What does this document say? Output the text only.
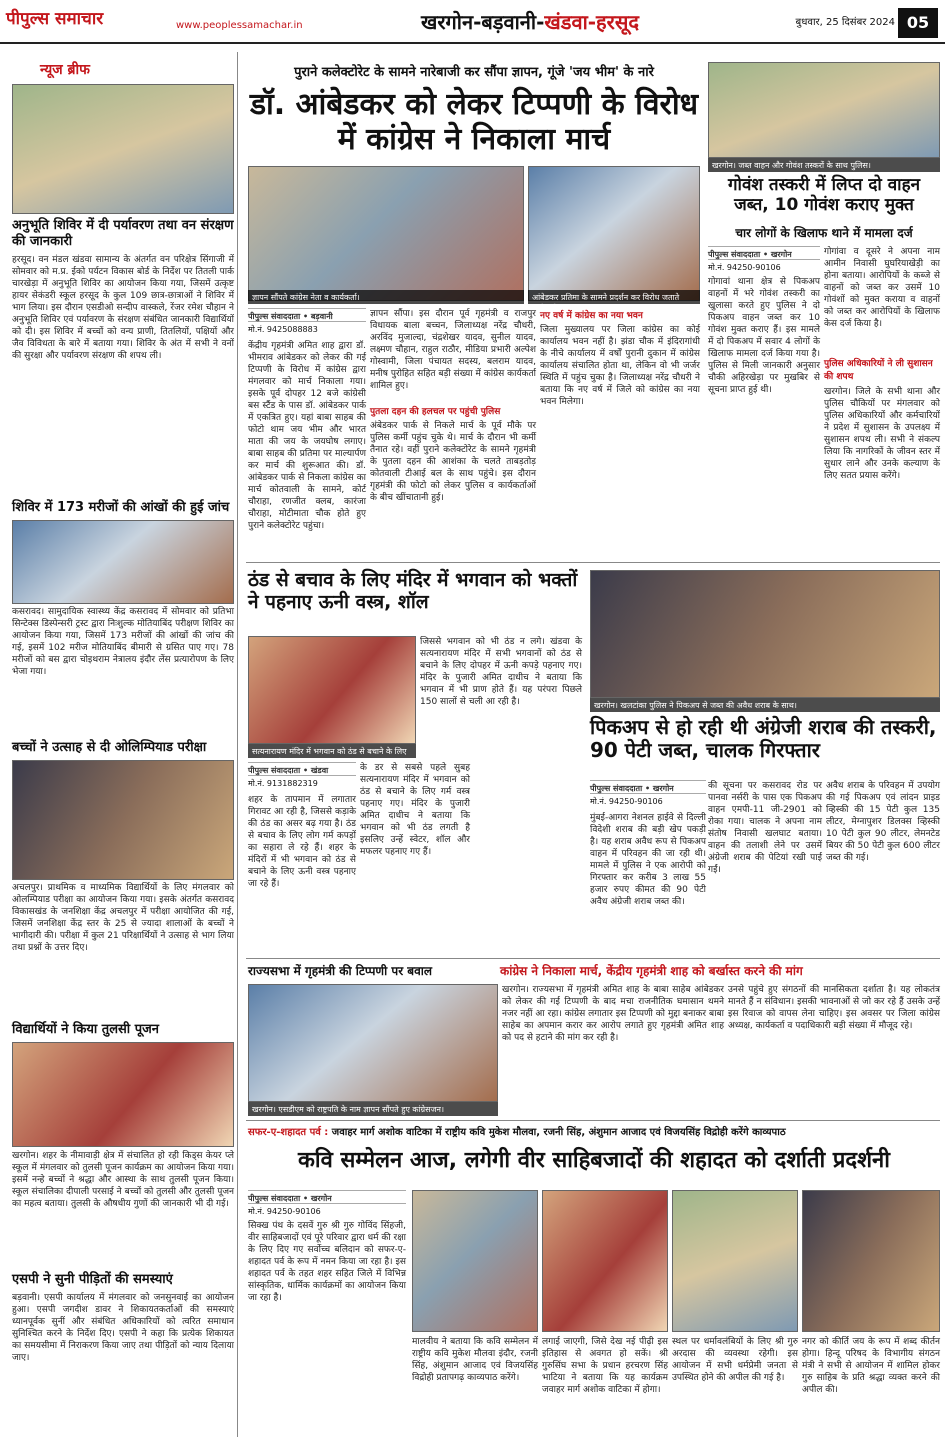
पीपुल्स समाचार	www.peoplessamachar.in	खरगोन-बड़वानी-खंडवा-हरसूद	बुधवार, 25 दिसंबर 2024 05
न्यूज ब्रीफ
अनुभूति शिविर में दी पर्यावरण तथा वन संरक्षण की जानकारी
हरसूद। वन मंडल खंडवा सामान्य के अंतर्गत वन परिक्षेत्र सिंगाजी में सोमवार को म.प्र. ईको पर्यटन विकास बोर्ड के निर्देश पर तितली पार्क चारखेड़ा में अनुभूति शिविर का आयोजन किया गया, जिसमें उत्कृष्ट हायर सेकंडरी स्कूल हरसूद के कुल 109 छात्र-छात्राओं ने शिविर में भाग लिया। इस दौरान एसडीओ सन्दीप वास्कले, रेंजर रमेश चौहान ने अनुभूति शिविर एवं पर्यावरण के संरक्षण संबंधित जानकारी विद्यार्थियों को दी। इस शिविर में बच्चों को वन्य प्राणी, तितलियों, पक्षियों और जैव विविधता के बारे में बताया गया। शिविर के अंत में सभी ने वनों की सुरक्षा और पर्यावरण संरक्षण की शपथ ली।
शिविर में 173 मरीजों की आंखों की हुई जांच
कसरावद। सामुदायिक स्वास्थ्य केंद्र कसरावद में सोमवार को प्रतिभा सिन्टेक्स डिस्पेन्सरी ट्रस्ट द्वारा निःशुल्क मोतियाबिंद परीक्षण शिविर का आयोजन किया गया, जिसमें 173 मरीजों की आंखों की जांच की गई, इसमें 102 मरीज मोतियाबिंद बीमारी से ग्रसित पाए गए। 78 मरीजों को बस द्वारा चोइथराम नेत्रालय इंदौर लेंस प्रत्यारोपण के लिए भेजा गया।
बच्चों ने उत्साह से दी ओलिम्पियाड परीक्षा
अचलपुर। प्राथमिक व माध्यमिक विद्यार्थियों के लिए मंगलवार को ओलम्पियाड परीक्षा का आयोजन किया गया। इसके अंतर्गत कसरावद विकासखंड के जनशिक्षा केंद्र अचलपुर में परीक्षा आयोजित की गई, जिसमें जनशिक्षा केंद्र स्तर के 25 से ज्यादा शालाओं के बच्चों ने भागीदारी की। परीक्षा में कुल 21 परिक्षार्थियों ने उत्साह से भाग लिया तथा प्रश्नों के उत्तर दिए।
विद्यार्थियों ने किया तुलसी पूजन
खरगोन। शहर के नीमावाड़ी क्षेत्र में संचालित हो रही किड्स केयर प्ले स्कूल में मंगलवार को तुलसी पूजन कार्यक्रम का आयोजन किया गया। इसमें नन्हे बच्चों ने श्रद्धा और आस्था के साथ तुलसी पूजन किया। स्कूल संचालिका दीपाली परसाई ने बच्चों को तुलसी और तुलसी पूजन का महत्व बताया। तुलसी के औषधीय गुणों की जानकारी भी दी गई।
एसपी ने सुनी पीड़ितों की समस्याएं
बड़वानी। एसपी कार्यालय में मंगलवार को जनसुनवाई का आयोजन हुआ। एसपी जगदीश डावर ने शिकायतकर्ताओं की समस्याएं ध्यानपूर्वक सुनीं और संबंधित अधिकारियों को त्वरित समाधान सुनिश्चित करने के निर्देश दिए। एसपी ने कहा कि प्रत्येक शिकायत का समयसीमा में निराकरण किया जाए तथा पीड़ितों को न्याय दिलाया जाए।
पुराने कलेक्टोरेट के सामने नारेबाजी कर सौंपा ज्ञापन, गूंजे 'जय भीम' के नारे
डॉ. आंबेडकर को लेकर टिप्पणी के विरोध में कांग्रेस ने निकाला मार्च
ज्ञापन सौंपते कांग्रेस नेता व कार्यकर्ता।	आंबेडकर प्रतिमा के सामने प्रदर्शन कर विरोध जताते कांग्रेस नेता।
पीपुल्स संवाददाता • बड़वानी
मो.नं. 9425088883
केंद्रीय गृहमंत्री अमित शाह द्वारा डॉ. भीमराव आंबेडकर को लेकर की गई टिप्पणी के विरोध में कांग्रेस द्वारा मंगलवार को मार्च निकाला गया। इसके पूर्व दोपहर 12 बजे कांग्रेसी बस स्टैंड के पास डॉ. आंबेडकर पार्क में एकत्रित हुए। यहां बाबा साहब की फोटो थाम जय भीम और भारत माता की जय के जयघोष लगाए। बाबा साहब की प्रतिमा पर माल्यार्पण कर मार्च की शुरूआत की। डॉ. आंबेडकर पार्क से निकला कांग्रेस का मार्च कोतवाली के सामने, कोर्ट चौराहा, रणजीत क्लब, कारंजा चौराहा, मोटीमाता चौक होते हुए पुराने कलेक्टोरेट पहुंचा।
ज्ञापन सौंपा। इस दौरान पूर्व गृहमंत्री व राजपुर विधायक बाला बच्चन, जिलाध्यक्ष नरेंद्र चौधरी, अरविंद मुजाल्दा, चंद्रशेखर यादव, सुनील यादव, लक्ष्मण चौहान, राहुल राठौर, मीडिया प्रभारी अल्पेश गोस्वामी, जिला पंचायत सदस्य, बलराम यादव, मनीष पुरोहित सहित बड़ी संख्या में कांग्रेस कार्यकर्ता शामिल हुए।
पुतला दहन की हलचल पर पहुंची पुलिस
अंबेडकर पार्क से निकले मार्च के पूर्व मौके पर पुलिस कर्मी पहुंच चुके थे। मार्च के दौरान भी कर्मी तैनात रहे। वहीं पुराने कलेक्टोरेट के सामने गृहमंत्री के पुतला दहन की आशंका के चलते ताबड़तोड़ कोतवाली टीआई बल के साथ पहुंचे। इस दौरान गृहमंत्री की फोटो को लेकर पुलिस व कार्यकर्ताओं के बीच खींचातानी हुई।
नए वर्ष में कांग्रेस का नया भवन
जिला मुख्यालय पर जिला कांग्रेस का कोई कार्यालय भवन नहीं है। झंडा चौक में इंदिरागांधी के नीचे कार्यालय में वर्षों पुरानी दुकान में कांग्रेस कार्यालय संचालित होता था, लेकिन वो भी जर्जर स्थिति में पहुंच चुका है। जिलाध्यक्ष नरेंद्र चौधरी ने बताया कि नए वर्ष में जिले को कांग्रेस का नया भवन मिलेगा।
खरगोन। जब्त वाहन और गोवंश तस्करों के साथ पुलिस।
गोवंश तस्करी में लिप्त दो वाहन जब्त, 10 गोवंश कराए मुक्त
चार लोगों के खिलाफ थाने में मामला दर्ज
पीपुल्स संवाददाता • खरगोन
मो.नं. 94250-90106
गोगावां थाना क्षेत्र से पिकअप वाहनों में भरे गोवंश तस्करी का खुलासा करते हुए पुलिस ने दो पिकअप वाहन जब्त कर 10 गोवंश मुक्त कराए हैं। इस मामले में दो पिकअप में सवार 4 लोगों के खिलाफ मामला दर्ज किया गया है। पुलिस से मिली जानकारी अनुसार चौकी अहिरखेड़ा पर मुखबिर से सूचना प्राप्त हुई थी।
गोगांवा व दूसरे ने अपना नाम आमीन निवासी घुघरियाखेड़ी का होना बताया। आरोपियों के कब्जे से वाहनों को जब्त कर उसमें 10 गोवंशों को मुक्त कराया व वाहनों को जब्त कर आरोपियों के खिलाफ केस दर्ज किया है।
पुलिस अधिकारियों ने ली सुशासन की शपथ
खरगोन। जिले के सभी थाना और पुलिस चौकियों पर मंगलवार को पुलिस अधिकारियों और कर्मचारियों ने प्रदेश में सुशासन के उपलक्ष्य में सुशासन शपथ ली। सभी ने संकल्प लिया कि नागरिकों के जीवन स्तर में सुधार लाने और उनके कल्याण के लिए सतत प्रयास करेंगे।
ठंड से बचाव के लिए मंदिर में भगवान को भक्तों ने पहनाए ऊनी वस्त्र, शॉल
सत्यनारायण मंदिर में भगवान को ठंड से बचाने के लिए ऊनी कपड़े पहनाए गए।
पीपुल्स संवाददाता • खंडवा
मो.नं. 9131882319
शहर के तापमान में लगातार गिरावट आ रही है, जिससे कड़ाके की ठंड का असर बढ़ गया है। ठंड से बचाव के लिए लोग गर्म कपड़ों का सहारा ले रहे हैं। शहर के मंदिरों में भी भगवान को ठंड से बचाने के लिए ऊनी वस्त्र पहनाए जा रहे हैं।
के डर से सबसे पहले सुबह सत्यनारायण मंदिर में भगवान को ठंड से बचाने के लिए गर्म वस्त्र पहनाए गए। मंदिर के पुजारी अमित दाधीच ने बताया कि भगवान को भी ठंड लगती है इसलिए उन्हें स्वेटर, शॉल और मफलर पहनाए गए हैं।
जिससे भगवान को भी ठंड न लगे। खंडवा के सत्यनारायण मंदिर में सभी भगवानों को ठंड से बचाने के लिए दोपहर में ऊनी कपड़े पहनाए गए। मंदिर के पुजारी अमित दाधीच ने बताया कि भगवान में भी प्राण होते हैं। यह परंपरा पिछले 150 सालों से चली आ रही है।	खरगोन। खलटांका पुलिस ने पिकअप से जब्त की अवैध शराब के साथ।
पिकअप से हो रही थी अंग्रेजी शराब की तस्करी, 90 पेटी जब्त, चालक गिरफ्तार
पीपुल्स संवाददाता • खरगोन
मो.नं. 94250-90106
मुंबई-आगरा नेशनल हाईवे से दिल्ली विदेशी शराब की बड़ी खेप पकड़ी है। यह शराब अवैध रूप से पिकअप वाहन में परिवहन की जा रही थी। मामले में पुलिस ने एक आरोपी को गिरफ्तार कर करीब 3 लाख 55 हजार रुपए कीमत की 90 पेटी अवैध अंग्रेजी शराब जब्त की।
की सूचना पर कसरावद रोड पर पानवा नर्सरी के पास एक पिकअप वाहन एमपी-11 जी-2901 को रोका गया। चालक ने अपना नाम संतोष निवासी खलघाट बताया। वाहन की तलाशी लेने पर उसमें अंग्रेजी शराब की पेटियां रखी पाई गईं।
अवैध शराब के परिवहन में उपयोग की गई पिकअप एवं लांदन प्राइड व्हिस्की की 15 पेटी कुल 135 लीटर, मेग्नापुशर डिलक्स व्हिस्की 10 पेटी कुल 90 लीटर, लेमनटेड बियर की 50 पेटी कुल 600 लीटर जब्त की गई।
राज्यसभा में गृहमंत्री की टिप्पणी पर बवाल	कांग्रेस ने निकाला मार्च, केंद्रीय गृहमंत्री शाह को बर्खास्त करने की मांग
खरगोन। एसडीएम को राष्ट्रपति के नाम ज्ञापन सौंपते हुए कांग्रेसजन।
खरगोन। राज्यसभा में गृहमंत्री अमित शाह के बाबा साहेब आंबेडकर को लेकर की गई टिप्पणी के बाद मचा राजनीतिक घमासान थमने नजर नहीं आ रहा। कांग्रेस लगातार इस टिप्पणी को मुद्दा बनाकर बाबा साहेब का अपमान करार कर आरोप लगाते हुए गृहमंत्री अमित शाह को पद से हटाने की मांग कर रही है।
उनसे पहुंचे हुए संगठनों की मानसिकता दर्शाता है। यह लोकतंत्र मानते हैं न संविधान। इसकी भावनाओं से जो कर रहे हैं उसके उन्हें इस रिवाज को वापस लेना चाहिए। इस अवसर पर जिला कांग्रेस अध्यक्ष, कार्यकर्ता व पदाधिकारी बड़ी संख्या में मौजूद रहे।
सफर-ए-शहादत पर्व : जवाहर मार्ग अशोक वाटिका में राष्ट्रीय कवि मुकेश मौलवा, रजनी सिंह, अंशुमान आजाद एवं विजयसिंह विद्रोही करेंगे काव्यपाठ
कवि सम्मेलन आज, लगेगी वीर साहिबजादों की शहादत को दर्शाती प्रदर्शनी
पीपुल्स संवाददाता • खरगोन
मो.नं. 94250-90106
सिक्ख पंथ के दसवें गुरु श्री गुरु गोविंद सिंहजी, वीर साहिबजादों एवं पूरे परिवार द्वारा धर्म की रक्षा के लिए दिए गए सर्वोच्च बलिदान को सफर-ए-शहादत पर्व के रूप में नमन किया जा रहा है। इस शहादत पर्व के तहत शहर सहित जिले में विभिन्न सांस्कृतिक, धार्मिक कार्यक्रमों का आयोजन किया जा रहा है।
मालवीय ने बताया कि कवि सम्मेलन में राष्ट्रीय कवि मुकेश मौलवा इंदौर, रजनी सिंह, अंशुमान आजाद एवं विजयसिंह विद्रोही प्रतापगढ़ काव्यपाठ करेंगे।
लगाई जाएगी, जिसे देख नई पीढ़ी इस इतिहास से अवगत हो सकें। श्री गुरुसिंघ सभा के प्रधान हरचरण सिंह भाटिया ने बताया कि यह कार्यक्रम जवाहर मार्ग अशोक वाटिका में होगा।
स्थल पर धर्मावलंबियों के लिए श्री गुरु अरदास की व्यवस्था रहेगी। इस आयोजन में सभी धर्मप्रेमी जनता से उपस्थित होने की अपील की गई है।
नगर को कीर्ति जय के रूप में शब्द कीर्तन होगा। हिन्दू परिषद के विभागीय संगठन मंत्री ने सभी से आयोजन में शामिल होकर गुरु साहिब के प्रति श्रद्धा व्यक्त करने की अपील की।
